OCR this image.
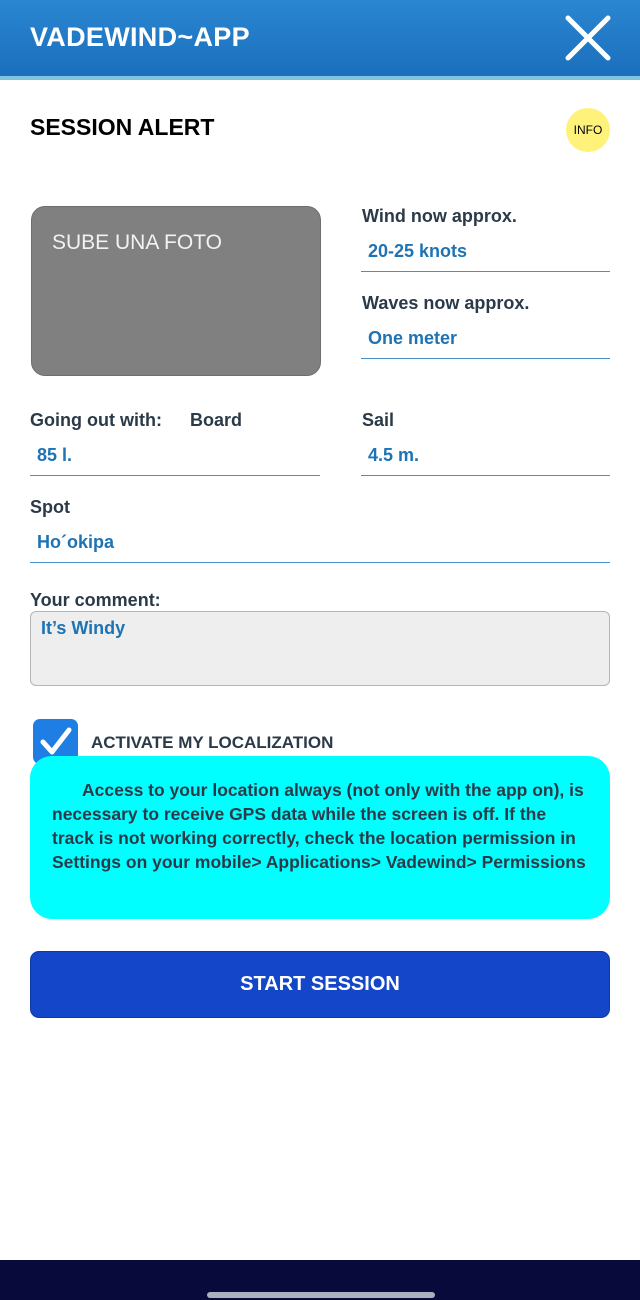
VADEWIND~APP
SESSION ALERT	INFO
SUBE UNA FOTO
Wind now approx.
20-25 knots
Waves now approx.
One meter
Going out with: Board
85 l.
Sail
4.5 m.
Spot
Ho´okipa
Your comment:
It’s Windy
ACTIVATE MY LOCALIZATION
Access to your location always (not only with the app on), is necessary to receive GPS data while the screen is off. If the track is not working correctly, check the location permission in Settings on your mobile> Applications> Vadewind> Permissions
START SESSION
